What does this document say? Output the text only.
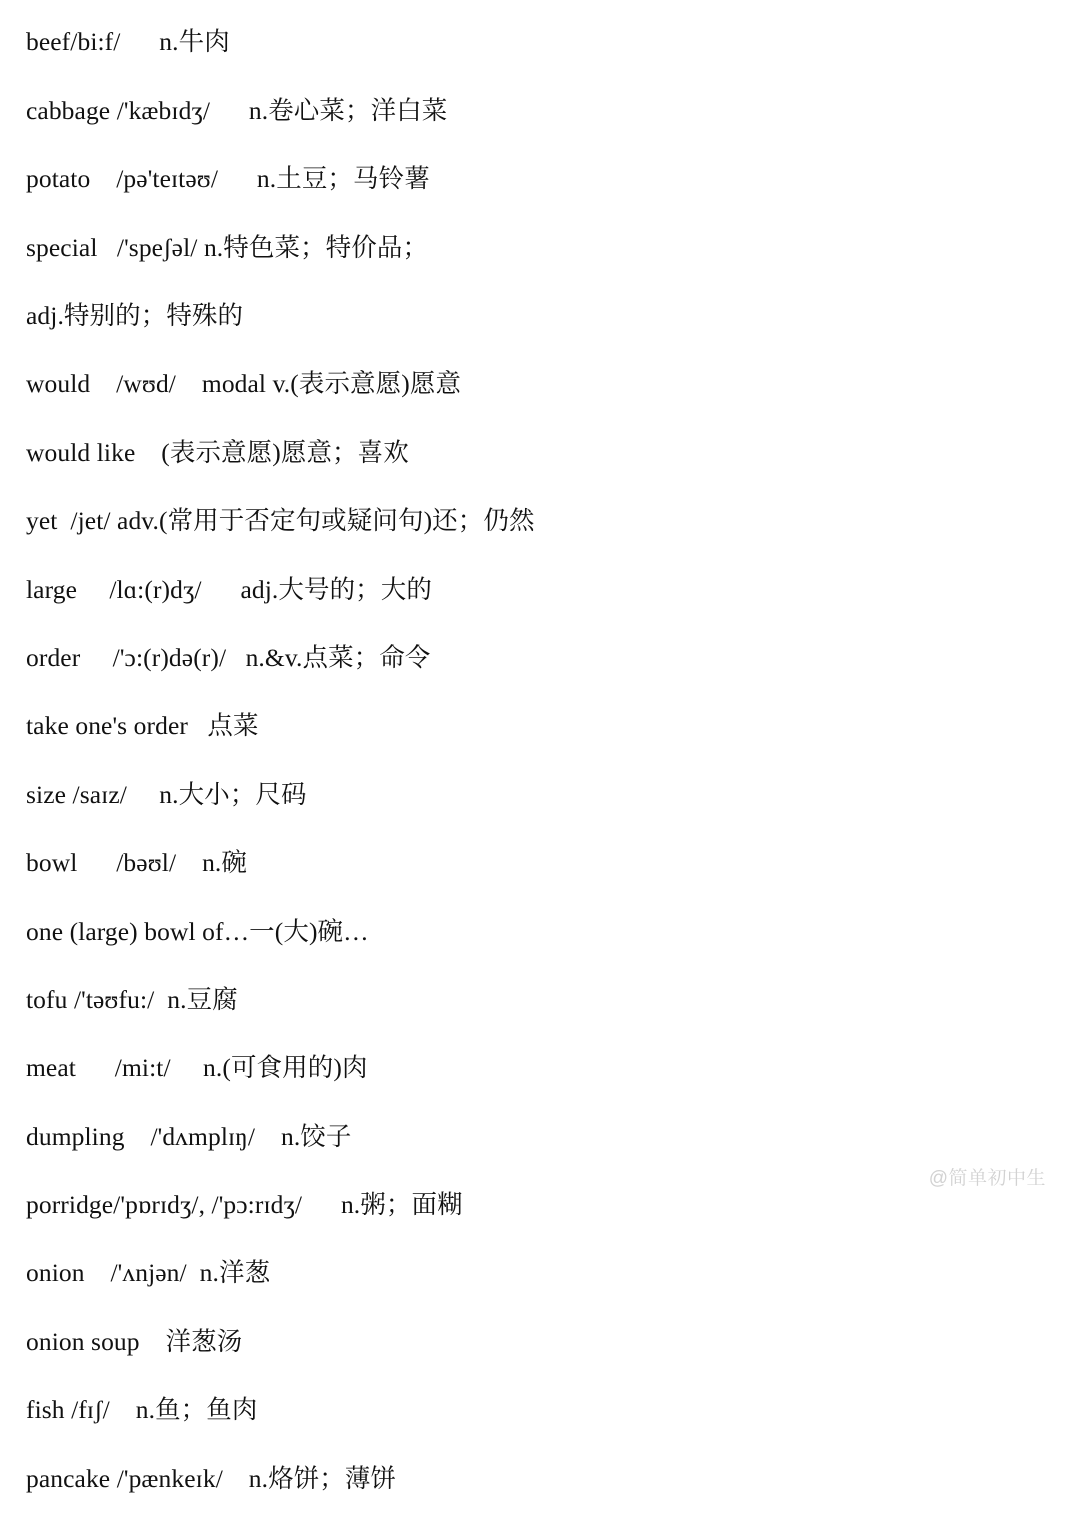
beef/bi:f/      n.牛肉
cabbage /'kæbɪdʒ/      n.卷心菜；洋白菜
potato    /pə'teɪtəʊ/      n.土豆；马铃薯
special   /'speʃəl/ n.特色菜；特价品；
adj.特别的；特殊的
would    /wʊd/    modal v.(表示意愿)愿意
would like    (表示意愿)愿意；喜欢
yet  /jet/ adv.(常用于否定句或疑问句)还；仍然
large     /lɑ:(r)dʒ/      adj.大号的；大的
order     /'ɔ:(r)də(r)/   n.&v.点菜；命令
take one's order   点菜
size /saɪz/     n.大小；尺码
bowl      /bəʊl/    n.碗
one (large) bowl of…一(大)碗…
tofu /'təʊfu:/  n.豆腐
meat      /mi:t/     n.(可食用的)肉
dumpling    /'dʌmplɪŋ/    n.饺子
porridge/'pɒrɪdʒ/, /'pɔ:rɪdʒ/      n.粥；面糊
onion    /'ʌnjən/  n.洋葱
onion soup    洋葱汤
fish /fɪʃ/    n.鱼；鱼肉
pancake /'pænkeɪk/    n.烙饼；薄饼
@简单初中生
